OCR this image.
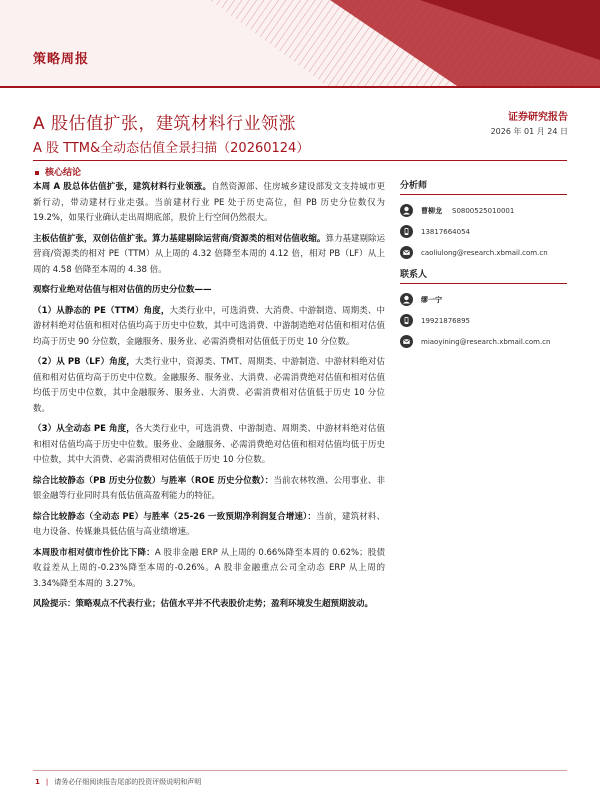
策略周报
A 股估值扩张，建筑材料行业领涨
A 股 TTM&全动态估值全景扫描（20260124）
证券研究报告
2026 年 01 月 24 日
核心结论

本周 A 股总体估值扩张，建筑材料行业领涨。自然资源部、住房城乡建设部发文支持城市更新行动，带动建材行业走强。当前建材行业 PE 处于历史高位，但 PB 历史分位数仅为 19.2%，如果行业确认走出周期底部，股价上行空间仍然很大。

主板估值扩张，双创估值扩张。算力基建剔除运营商/资源类的相对估值收缩。算力基建剔除运营商/资源类的相对 PE（TTM）从上周的 4.32 倍降至本周的 4.12 倍，相对 PB（LF）从上周的 4.58 倍降至本周的 4.38 倍。

观察行业绝对估值与相对估值的历史分位数——

（1）从静态的 PE（TTM）角度，大类行业中，可选消费、大消费、中游制造、周期类、中游材料绝对估值和相对估值均高于历史中位数，其中可选消费、中游制造绝对估值和相对估值均高于历史 90 分位数，金融服务、服务业、必需消费相对估值低于历史 10 分位数。

（2）从 PB（LF）角度，大类行业中，资源类、TMT、周期类、中游制造、中游材料绝对估值和相对估值均高于历史中位数。金融服务、服务业、大消费、必需消费绝对估值和相对估值均低于历史中位数，其中金融服务、服务业、大消费、必需消费相对估值低于历史 10 分位数。

（3）从全动态 PE 角度，各大类行业中，可选消费、中游制造、周期类、中游材料绝对估值和相对估值均高于历史中位数。服务业、金融服务、必需消费绝对估值和相对估值均低于历史中位数，其中大消费、必需消费相对估值低于历史 10 分位数。

综合比较静态（PB 历史分位数）与胜率（ROE 历史分位数）：当前农林牧渔、公用事业、非银金融等行业同时具有低估值高盈利能力的特征。

综合比较静态（全动态 PE）与胜率（25-26 一致预期净利润复合增速）：当前，建筑材料、电力设备、传媒兼具低估值与高业绩增速。

本周股市相对债市性价比下降：A 股非金融 ERP 从上周的 0.66%降至本周的 0.62%；股债收益差从上周的-0.23%降至本周的-0.26%。A 股非金融重点公司全动态 ERP 从上周的 3.34%降至本周的 3.27%。

风险提示：策略观点不代表行业；估值水平并不代表股价走势；盈利环境发生超预期波动。

分析师
曹柳龙 S0800525010001
13817664054
caoliulong@research.xbmail.com.cn
联系人
缪一宁
19921876895
miaoyining@research.xbmail.com.cn
1 | 请务必仔细阅读报告尾部的投资评级说明和声明
